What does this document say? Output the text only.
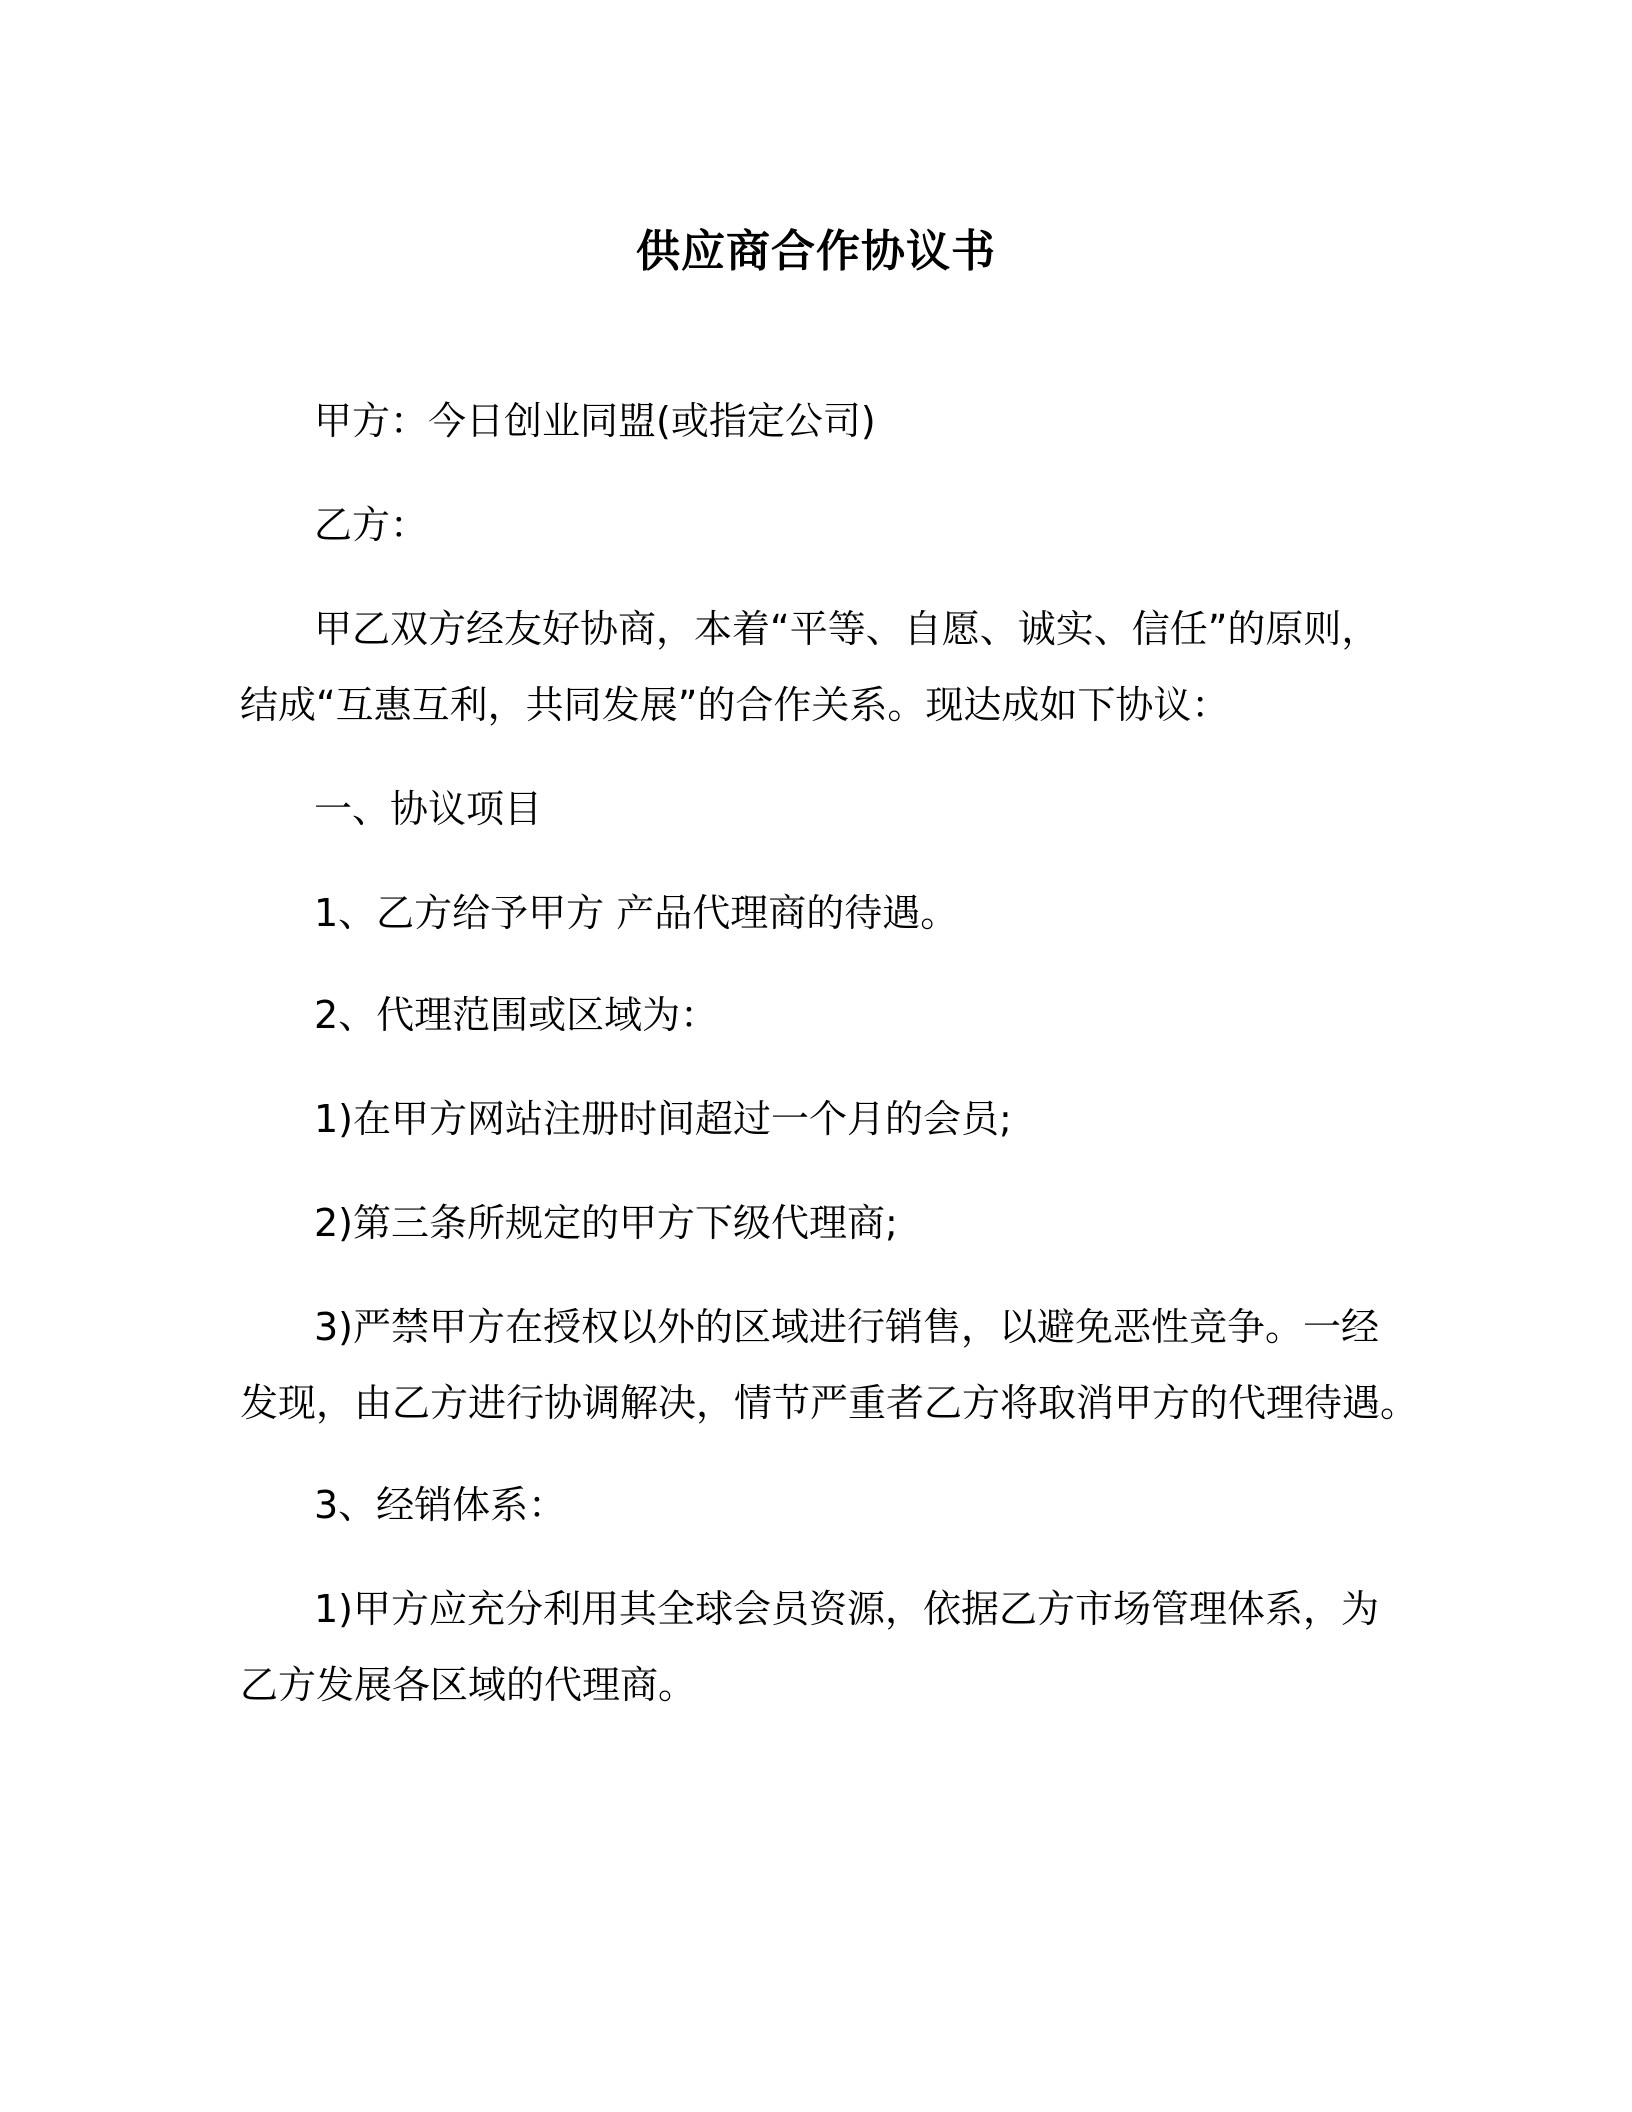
供应商合作协议书

甲方：今日创业同盟(或指定公司)

乙方：

甲乙双方经友好协商，本着“平等、自愿、诚实、信任”的原则，

结成“互惠互利，共同发展”的合作关系。现达成如下协议：

一、协议项目

1、乙方给予甲方 产品代理商的待遇。

2、代理范围或区域为：

1)在甲方网站注册时间超过一个月的会员;

2)第三条所规定的甲方下级代理商;

3)严禁甲方在授权以外的区域进行销售，以避免恶性竞争。一经

发现，由乙方进行协调解决，情节严重者乙方将取消甲方的代理待遇。

3、经销体系：

1)甲方应充分利用其全球会员资源，依据乙方市场管理体系，为

乙方发展各区域的代理商。
